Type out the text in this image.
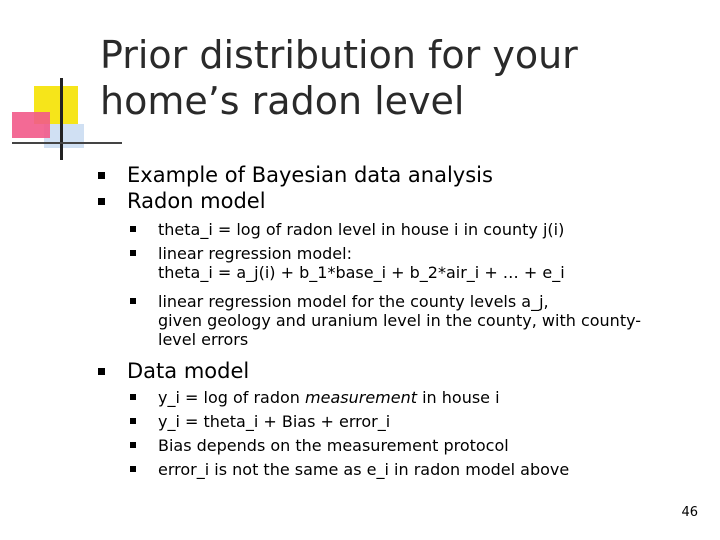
Prior distribution for your
home’s radon level
Example of Bayesian data analysis
Radon model
theta_i = log of radon level in house i in county j(i)
linear regression model:
theta_i = a_j(i) + b_1*base_i + b_2*air_i + … + e_i
linear regression model for the county levels a_j,
given geology and uranium level in the county, with county-
level errors
Data model
y_i = log of radon measurement in house i
y_i = theta_i + Bias + error_i
Bias depends on the measurement protocol
error_i is not the same as e_i in radon model above
46
